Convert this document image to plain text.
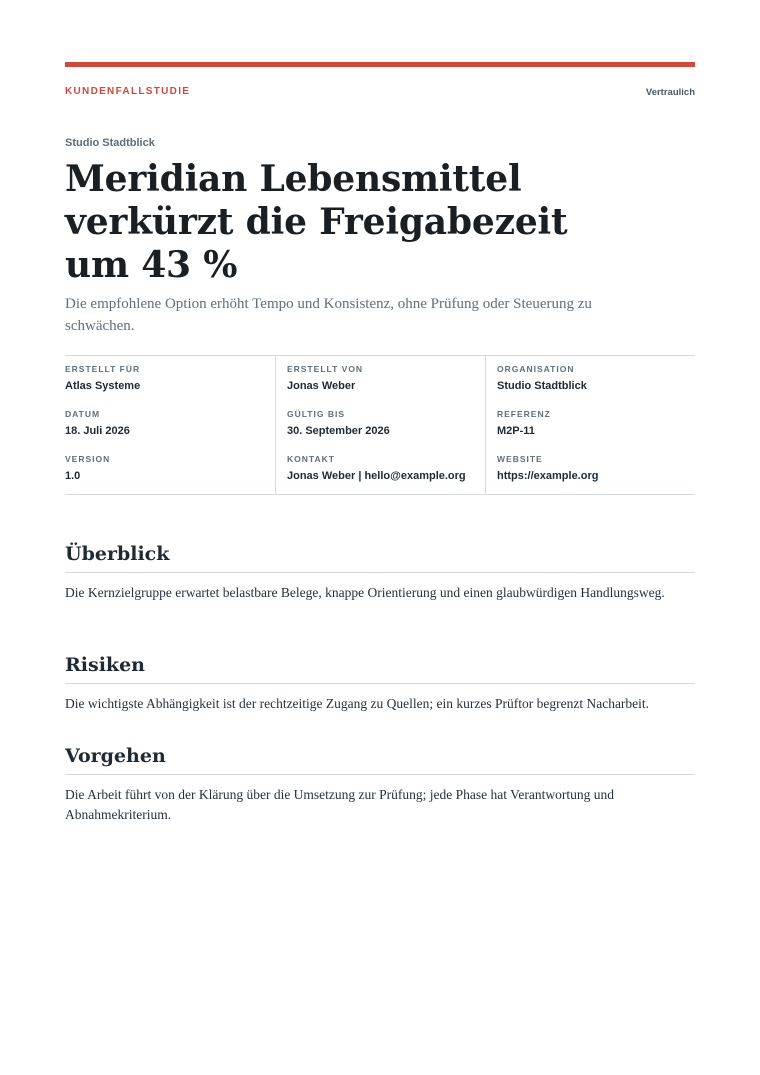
KUNDENFALLSTUDIE	Vertraulich
Studio Stadtblick
Meridian Lebensmittel verkürzt die Freigabezeit um 43 %

Die empfohlene Option erhöht Tempo und Konsistenz, ohne Prüfung oder Steuerung zu schwächen.

ERSTELLT FÜR
Atlas Systeme
DATUM
18. Juli 2026
VERSION
1.0
ERSTELLT VON
Jonas Weber
GÜLTIG BIS
30. September 2026
KONTAKT
Jonas Weber | hello@example.org
ORGANISATION
Studio Stadtblick
REFERENZ
M2P-11
WEBSITE
https://example.org
Überblick

Die Kernzielgruppe erwartet belastbare Belege, knappe Orientierung und einen glaubwürdigen Handlungsweg.

Risiken

Die wichtigste Abhängigkeit ist der rechtzeitige Zugang zu Quellen; ein kurzes Prüftor begrenzt Nacharbeit.

Vorgehen

Die Arbeit führt von der Klärung über die Umsetzung zur Prüfung; jede Phase hat Verantwortung und Abnahmekriterium.
